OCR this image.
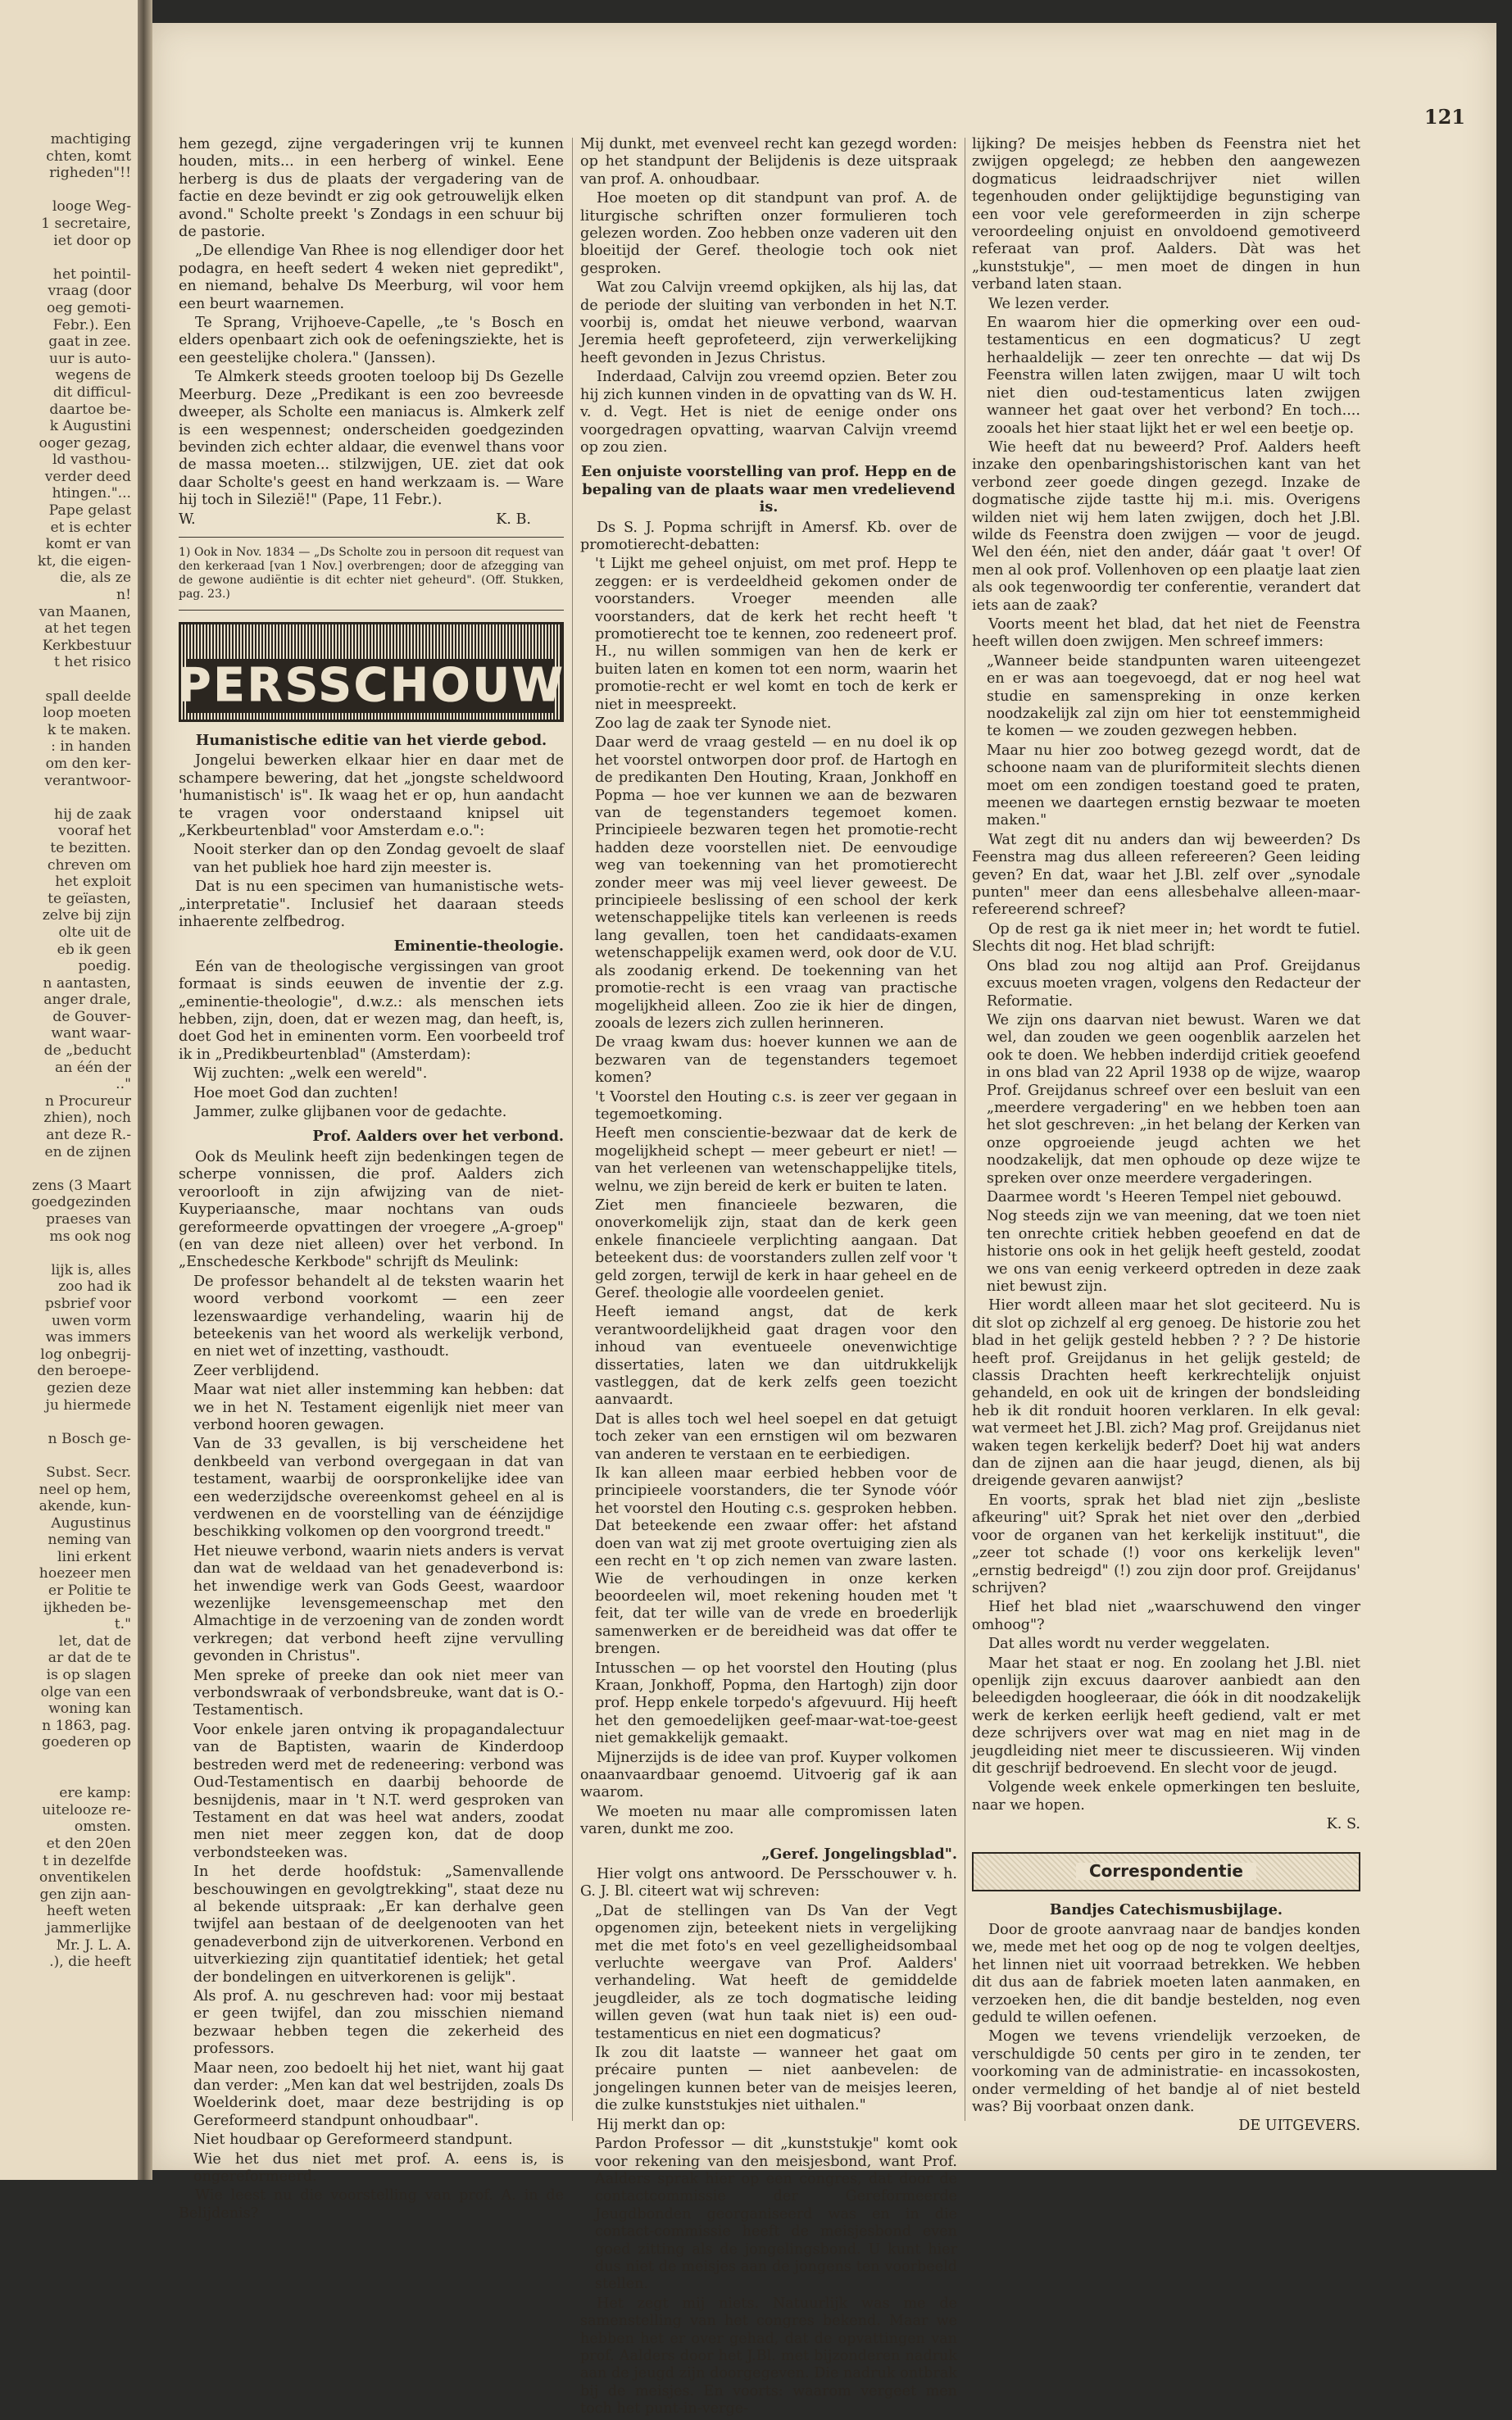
machtiging
chten, komt
righeden"!!

looge Weg-
1 secretaire,
iet door op

het pointil-
vraag (door
oeg gemoti-
Febr.). Een
gaat in zee.
uur is auto-
wegens de
dit difficul-
daartoe be-
k Augustini
ooger gezag,
ld vasthou-
verder deed
htingen."...
Pape gelast
et is echter
komt er van
kt, die eigen-
die, als ze
n!
van Maanen,
at het tegen
Kerkbestuur
t het risico

spall deelde
loop moeten
k te maken.
: in handen
om den ker-
verantwoor-

hij de zaak
vooraf het
te bezitten.
chreven om
het exploit
te geïasten,
zelve bij zijn
olte uit de
eb ik geen
poedig.
n aantasten,
anger drale,
de Gouver-
want waar-
de „beducht
an één der
.."
n Procureur
zhien), noch
ant deze R.-
en de zijnen

zens (3 Maart
goedgezinden
praeses van
ms ook nog

lijk is, alles
zoo had ik
psbrief voor
uwen vorm
was immers
log onbegrij-
den beroepe-
gezien deze
ju hiermede

n Bosch ge-

Subst. Secr.
neel op hem,
akende, kun-
Augustinus
neming van
lini erkent
hoezeer men
er Politie te
ijkheden be-
t."
let, dat de
ar dat de te
is op slagen
olge van een
woning kan
n 1863, pag.
goederen op

ere kamp:
uitelooze re-
omsten.
et den 20en
t in dezelfde
onventikelen
gen zijn aan-
heeft weten
jammerlijke
Mr. J. L. A.
.), die heeft
121

hem gezegd, zijne vergaderingen vrij te kunnen houden, mits... in een herberg of winkel. Eene herberg is dus de plaats der vergadering van de factie en deze bevindt er zig ook getrouwelijk elken avond." Scholte preekt 's Zondags in een schuur bij de pastorie.

„De ellendige Van Rhee is nog ellendiger door het podagra, en heeft sedert 4 weken niet gepredikt", en niemand, behalve Ds Meerburg, wil voor hem een beurt waarnemen.

Te Sprang, Vrijhoeve-Capelle, „te 's Bosch en elders openbaart zich ook de oefeningsziekte, het is een geestelijke cholera." (Janssen).

Te Almkerk steeds grooten toeloop bij Ds Gezelle Meerburg. Deze „Predikant is een zoo bevreesde dweeper, als Scholte een maniacus is. Almkerk zelf is een wespennest; onderscheiden goedgezinden bevinden zich echter aldaar, die evenwel thans voor de massa moeten... stilzwijgen, UE. ziet dat ook daar Scholte's geest en hand werkzaam is. — Ware hij toch in Silezië!" (Pape, 11 Febr.).

W.	K. B.

1) Ook in Nov. 1834 — „Ds Scholte zou in persoon dit request van den kerkeraad [van 1 Nov.] overbrengen; door de afzegging van de gewone audiëntie is dit echter niet geheurd". (Off. Stukken, pag. 23.)

PERSSCHOUW
Humanistische editie van het vierde gebod.

Jongelui bewerken elkaar hier en daar met de schampere bewering, dat het „jongste scheldwoord 'humanistisch' is". Ik waag het er op, hun aandacht te vragen voor onderstaand knipsel uit „Kerkbeurtenblad" voor Amsterdam e.o.":

Nooit sterker dan op den Zondag gevoelt de slaaf van het publiek hoe hard zijn meester is.

Dat is nu een specimen van humanistische wets-„interpretatie". Inclusief het daaraan steeds inhaerente zelfbedrog.

Eminentie-theologie.

Eén van de theologische vergissingen van groot formaat is sinds eeuwen de inventie der z.g. „eminentie-theologie", d.w.z.: als menschen iets hebben, zijn, doen, dat er wezen mag, dan heeft, is, doet God het in eminenten vorm. Een voorbeeld trof ik in „Predikbeurtenblad" (Amsterdam):

Wij zuchten: „welk een wereld".

Hoe moet God dan zuchten!

Jammer, zulke glijbanen voor de gedachte.

Prof. Aalders over het verbond.

Ook ds Meulink heeft zijn bedenkingen tegen de scherpe vonnissen, die prof. Aalders zich veroorlooft in zijn afwijzing van de niet-Kuyperiaansche, maar nochtans van ouds gereformeerde opvattingen der vroegere „A-groep" (en van deze niet alleen) over het verbond. In „Enschedesche Kerkbode" schrijft ds Meulink:

De professor behandelt al de teksten waarin het woord verbond voorkomt — een zeer lezenswaardige verhandeling, waarin hij de beteekenis van het woord als werkelijk verbond, en niet wet of inzetting, vasthoudt.

Zeer verblijdend.

Maar wat niet aller instemming kan hebben: dat we in het N. Testament eigenlijk niet meer van verbond hooren gewagen.

Van de 33 gevallen, is bij verscheidene het denkbeeld van verbond overgegaan in dat van testament, waarbij de oorspronkelijke idee van een wederzijdsche overeenkomst geheel en al is verdwenen en de voorstelling van de éénzijdige beschikking volkomen op den voorgrond treedt."

Het nieuwe verbond, waarin niets anders is vervat dan wat de weldaad van het genadeverbond is: het inwendige werk van Gods Geest, waardoor wezenlijke levensgemeenschap met den Almachtige in de verzoening van de zonden wordt verkregen; dat verbond heeft zijne vervulling gevonden in Christus".

Men spreke of preeke dan ook niet meer van verbondswraak of verbondsbreuke, want dat is O.-Testamentisch.

Voor enkele jaren ontving ik propagandalectuur van de Baptisten, waarin de Kinderdoop bestreden werd met de redeneering: verbond was Oud-Testamentisch en daarbij behoorde de besnijdenis, maar in 't N.T. werd gesproken van Testament en dat was heel wat anders, zoodat men niet meer zeggen kon, dat de doop verbondsteeken was.

In het derde hoofdstuk: „Samenvallende beschouwingen en gevolgtrekking", staat deze nu al bekende uitspraak: „Er kan derhalve geen twijfel aan bestaan of de deelgenooten van het genadeverbond zijn de uitverkorenen. Verbond en uitverkiezing zijn quantitatief identiek; het getal der bondelingen en uitverkorenen is gelijk".

Als prof. A. nu geschreven had: voor mij bestaat er geen twijfel, dan zou misschien niemand bezwaar hebben tegen die zekerheid des professors.

Maar neen, zoo bedoelt hij het niet, want hij gaat dan verder: „Men kan dat wel bestrijden, zoals Ds Woelderink doet, maar deze bestrijding is op Gereformeerd standpunt onhoudbaar".

Niet houdbaar op Gereformeerd standpunt.

Wie het dus niet met prof. A. eens is, is ongereformeerd.

Wie leest nu die voorstelling van prof. A. in de Belijdenis?

Mij dunkt, met evenveel recht kan gezegd worden: op het standpunt der Belijdenis is deze uitspraak van prof. A. onhoudbaar.

Hoe moeten op dit standpunt van prof. A. de liturgische schriften onzer formulieren toch gelezen worden. Zoo hebben onze vaderen uit den bloeitijd der Geref. theologie toch ook niet gesproken.

Wat zou Calvijn vreemd opkijken, als hij las, dat de periode der sluiting van verbonden in het N.T. voorbij is, omdat het nieuwe verbond, waarvan Jeremia heeft geprofeteerd, zijn verwerkelijking heeft gevonden in Jezus Christus.

Inderdaad, Calvijn zou vreemd opzien. Beter zou hij zich kunnen vinden in de opvatting van ds W. H. v. d. Vegt. Het is niet de eenige onder ons voorgedragen opvatting, waarvan Calvijn vreemd op zou zien.

Een onjuiste voorstelling van prof. Hepp en de bepaling van de plaats waar men vredelievend is.

Ds S. J. Popma schrijft in Amersf. Kb. over de promotierecht-debatten:

't Lijkt me geheel onjuist, om met prof. Hepp te zeggen: er is verdeeldheid gekomen onder de voorstanders. Vroeger meenden alle voorstanders, dat de kerk het recht heeft 't promotierecht toe te kennen, zoo redeneert prof. H., nu willen sommigen van hen de kerk er buiten laten en komen tot een norm, waarin het promotie-recht er wel komt en toch de kerk er niet in meespreekt.

Zoo lag de zaak ter Synode niet.

Daar werd de vraag gesteld — en nu doel ik op het voorstel ontworpen door prof. de Hartogh en de predikanten Den Houting, Kraan, Jonkhoff en Popma — hoe ver kunnen we aan de bezwaren van de tegenstanders tegemoet komen. Principieele bezwaren tegen het promotie-recht hadden deze voorstellen niet. De eenvoudige weg van toekenning van het promotierecht zonder meer was mij veel liever geweest. De principieele beslissing of een school der kerk wetenschappelijke titels kan verleenen is reeds lang gevallen, toen het candidaats-examen wetenschappelijk examen werd, ook door de V.U. als zoodanig erkend. De toekenning van het promotie-recht is een vraag van practische mogelijkheid alleen. Zoo zie ik hier de dingen, zooals de lezers zich zullen herinneren.

De vraag kwam dus: hoever kunnen we aan de bezwaren van de tegenstanders tegemoet komen?

't Voorstel den Houting c.s. is zeer ver gegaan in tegemoetkoming.

Heeft men conscientie-bezwaar dat de kerk de mogelijkheid schept — meer gebeurt er niet! — van het verleenen van wetenschappelijke titels, welnu, we zijn bereid de kerk er buiten te laten.

Ziet men financieele bezwaren, die onoverkomelijk zijn, staat dan de kerk geen enkele financieele verplichting aangaan. Dat beteekent dus: de voorstanders zullen zelf voor 't geld zorgen, terwijl de kerk in haar geheel en de Geref. theologie alle voordeelen geniet.

Heeft iemand angst, dat de kerk verantwoordelijkheid gaat dragen voor den inhoud van eventueele onevenwichtige dissertaties, laten we dan uitdrukkelijk vastleggen, dat de kerk zelfs geen toezicht aanvaardt.

Dat is alles toch wel heel soepel en dat getuigt toch zeker van een ernstigen wil om bezwaren van anderen te verstaan en te eerbiedigen.

Ik kan alleen maar eerbied hebben voor de principieele voorstanders, die ter Synode vóór het voorstel den Houting c.s. gesproken hebben. Dat beteekende een zwaar offer: het afstand doen van wat zij met groote overtuiging zien als een recht en 't op zich nemen van zware lasten. Wie de verhoudingen in onze kerken beoordeelen wil, moet rekening houden met 't feit, dat ter wille van de vrede en broederlijk samenwerken er de bereidheid was dat offer te brengen.

Intusschen — op het voorstel den Houting (plus Kraan, Jonkhoff, Popma, den Hartogh) zijn door prof. Hepp enkele torpedo's afgevuurd. Hij heeft het den gemoedelijken geef-maar-wat-toe-geest niet gemakkelijk gemaakt.

Mijnerzijds is de idee van prof. Kuyper volkomen onaanvaardbaar genoemd. Uitvoerig gaf ik aan waarom.

We moeten nu maar alle compromissen laten varen, dunkt me zoo.

„Geref. Jongelingsblad".

Hier volgt ons antwoord. De Persschouwer v. h. G. J. Bl. citeert wat wij schreven:

„Dat de stellingen van Ds Van der Vegt opgenomen zijn, beteekent niets in vergelijking met die met foto's en veel gezelligheidsombaal verluchte weergave van Prof. Aalders' verhandeling. Wat heeft de gemiddelde jeugdleider, als ze toch dogmatische leiding willen geven (wat hun taak niet is) een oud-testamenticus en niet een dogmaticus?

Ik zou dit laatste — wanneer het gaat om précaire punten — niet aanbevelen: de jongelingen kunnen beter van de meisjes leeren, die zulke kunststukjes niet uithalen."

Hij merkt dan op:

Pardon Professor — dit „kunststukje" komt ook voor rekening van den meisjesbond, want Prof. Aalders sprak hier op een congres, dat door de contactcommissie der Gereformeerde Jeugdbonden georganiseerd was en in die contact-commissie heeft de meisjesbond even goed zitting als de jongelingsbond. U kunt hier dus niet de meisjes aan de jongens ten voorbeeld stellen.

Het zegt mij niets. Natuurlijk was me de samenstelling van het congres bekend. Maar we hebben het er over gehad, dat de opvattingen van prof. Aalders door het J.Bl. met bijzonderen nadruk aan de jeugd zijn doorgegeven. Die nadruk ontbrak bij de meisjes. En voorts: waarom vergeet men toch het punt-in-verge-

lijking? De meisjes hebben ds Feenstra niet het zwijgen opgelegd; ze hebben den aangewezen dogmaticus leidraadschrijver niet willen tegenhouden onder gelijktijdige begunstiging van een voor vele gereformeerden in zijn scherpe veroordeeling onjuist en onvoldoend gemotiveerd referaat van prof. Aalders. Dàt was het „kunststukje", — men moet de dingen in hun verband laten staan.

We lezen verder.

En waarom hier die opmerking over een oud-testamenticus en een dogmaticus? U zegt herhaaldelijk — zeer ten onrechte — dat wij Ds Feenstra willen laten zwijgen, maar U wilt toch niet dien oud-testamenticus laten zwijgen wanneer het gaat over het verbond? En toch.... zooals het hier staat lijkt het er wel een beetje op.

Wie heeft dat nu beweerd? Prof. Aalders heeft inzake den openbaringshistorischen kant van het verbond zeer goede dingen gezegd. Inzake de dogmatische zijde tastte hij m.i. mis. Overigens wilden niet wij hem laten zwijgen, doch het J.Bl. wilde ds Feenstra doen zwijgen — voor de jeugd. Wel den één, niet den ander, dáár gaat 't over! Of men al ook prof. Vollenhoven op een plaatje laat zien als ook tegenwoordig ter conferentie, verandert dat iets aan de zaak?

Voorts meent het blad, dat het niet de Feenstra heeft willen doen zwijgen. Men schreef immers:

„Wanneer beide standpunten waren uiteengezet en er was aan toegevoegd, dat er nog heel wat studie en samenspreking in onze kerken noodzakelijk zal zijn om hier tot eenstemmigheid te komen — we zouden gezwegen hebben.

Maar nu hier zoo botweg gezegd wordt, dat de schoone naam van de pluriformiteit slechts dienen moet om een zondigen toestand goed te praten, meenen we daartegen ernstig bezwaar te moeten maken."

Wat zegt dit nu anders dan wij beweerden? Ds Feenstra mag dus alleen refereeren? Geen leiding geven? En dat, waar het J.Bl. zelf over „synodale punten" meer dan eens allesbehalve alleen-maar-refereerend schreef?

Op de rest ga ik niet meer in; het wordt te futiel. Slechts dit nog. Het blad schrijft:

Ons blad zou nog altijd aan Prof. Greijdanus excuus moeten vragen, volgens den Redacteur der Reformatie.

We zijn ons daarvan niet bewust. Waren we dat wel, dan zouden we geen oogenblik aarzelen het ook te doen. We hebben inderdijd critiek geoefend in ons blad van 22 April 1938 op de wijze, waarop Prof. Greijdanus schreef over een besluit van een „meerdere vergadering" en we hebben toen aan het slot geschreven: „in het belang der Kerken van onze opgroeiende jeugd achten we het noodzakelijk, dat men ophoude op deze wijze te spreken over onze meerdere vergaderingen.

Daarmee wordt 's Heeren Tempel niet gebouwd.

Nog steeds zijn we van meening, dat we toen niet ten onrechte critiek hebben geoefend en dat de historie ons ook in het gelijk heeft gesteld, zoodat we ons van eenig verkeerd optreden in deze zaak niet bewust zijn.

Hier wordt alleen maar het slot geciteerd. Nu is dit slot op zichzelf al erg genoeg. De historie zou het blad in het gelijk gesteld hebben ? ? ? De historie heeft prof. Greijdanus in het gelijk gesteld; de classis Drachten heeft kerkrechtelijk onjuist gehandeld, en ook uit de kringen der bondsleiding heb ik dit ronduit hooren verklaren. In elk geval: wat vermeet het J.Bl. zich? Mag prof. Greijdanus niet waken tegen kerkelijk bederf? Doet hij wat anders dan de zijnen aan die haar jeugd, dienen, als bij dreigende gevaren aanwijst?

En voorts, sprak het blad niet zijn „besliste afkeuring" uit? Sprak het niet over den „derbied voor de organen van het kerkelijk instituut", die „zeer tot schade (!) voor ons kerkelijk leven" „ernstig bedreigd" (!) zou zijn door prof. Greijdanus' schrijven?

Hief het blad niet „waarschuwend den vinger omhoog"?

Dat alles wordt nu verder weggelaten.

Maar het staat er nog. En zoolang het J.Bl. niet openlijk zijn excuus daarover aanbiedt aan den beleedigden hoogleeraar, die óók in dit noodzakelijk werk de kerken eerlijk heeft gediend, valt er met deze schrijvers over wat mag en niet mag in de jeugdleiding niet meer te discussieeren. Wij vinden dit geschrijf bedroevend. En slecht voor de jeugd.

Volgende week enkele opmerkingen ten besluite, naar we hopen.

K. S.

Correspondentie
Bandjes Catechismusbijlage.

Door de groote aanvraag naar de bandjes konden we, mede met het oog op de nog te volgen deeltjes, het linnen niet uit voorraad betrekken. We hebben dit dus aan de fabriek moeten laten aanmaken, en verzoeken hen, die dit bandje bestelden, nog even geduld te willen oefenen.

Mogen we tevens vriendelijk verzoeken, de verschuldigde 50 cents per giro in te zenden, ter voorkoming van de administratie- en incassokosten, onder vermelding of het bandje al of niet besteld was? Bij voorbaat onzen dank.

DE UITGEVERS.
